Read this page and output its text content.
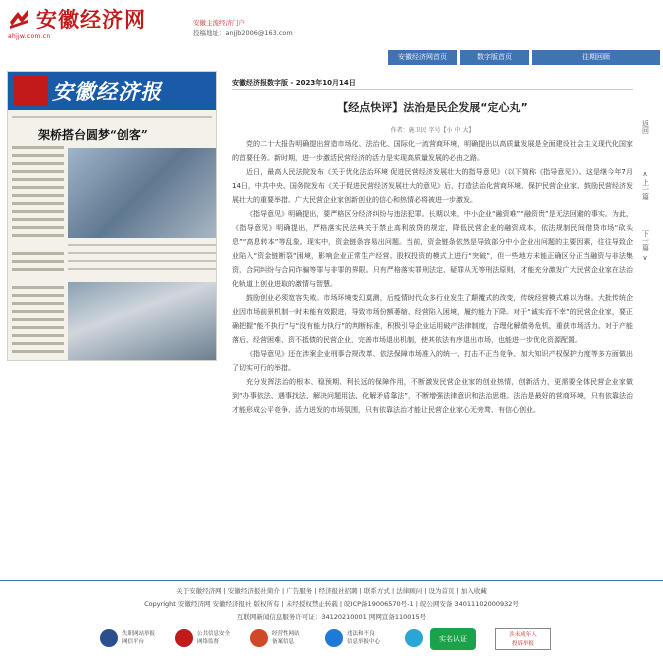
安徽经济网
ahjjw.com.cn
安徽主流经济门户
投稿地址：anjjb2006@163.com
安徽经济网首页	数字版首页	往期回顾
安徽经济报
架桥搭台圆梦“创客”
返回
∧
上一篇
下一篇
∨
安徽经济报数字版 - 2023年10月14日
【经点快评】法治是民企发展“定心丸”
作者：施卫民 字号【小 中 大】

党的二十大报告明确提出营造市场化、法治化、国际化一流营商环境，明确提出以高质量发展是全面建设社会主义现代化国家的首要任务。新时期，进一步激活民营经济的活力是实现高质量发展的必由之路。

近日，最高人民法院发布《关于优化法治环境 促进民营经济发展壮大的指导意见》（以下简称《指导意见》）。这是继今年7月14日，中共中央、国务院发布《关于促进民营经济发展壮大的意见》后，打造法治化营商环境、保护民营企业家、鼓励民营经济发展壮大的重要举措。广大民营企业家创新创业的信心和热情必将被进一步激发。

《指导意见》明确提出，要严格区分经济纠纷与违法犯罪。长期以来，中小企业“融资难”“融资贵”是无法回避的事实。为此，《指导意见》明确提出，严格落实民法典关于禁止高利放贷的规定，降低民营企业的融资成本，依法规制民间借贷市场“砍头息”“高息转本”等乱象。现实中，资金链条容易出问题。当前，资金链条依然是导致部分中小企业出问题的主要因素，往往导致企业陷入“资金链断裂”困境，影响企业正常生产经营。股权投资的模式上进行“突破”，但一些地方未能正确区分正当融资与非法集资，合同纠纷与合同诈骗等罪与非罪的界限。只有严格落实罪刑法定、疑罪从无等刑法原则，才能充分激发广大民营企业家在法治化轨道上创业进取的激情与智慧。

鼓励创业必须宽容失败。市场环境变幻莫测，后疫情时代众多行业发生了颠覆式的改变，传统经营模式难以为继。大批传统企业因市场前景机制一时未能有效跟进，导致市场份额萎缩、经营陷入困境，履约能力下降。对于“诚实而不幸”的民营企业家，要正确把握“能不执行”与“没有能力执行”的判断标准，积极引导企业运用破产法律制度，合理化解债务危机，重获市场活力。对于产能落后、经营困难、资不抵债的民营企业，完善市场退出机制，使其依法有序退出市场，也能进一步优化资源配置。

《指导意见》还在涉案企业刑事合规改革、依法保障市场准入的统一、打击不正当竞争、加大知识产权保护力度等多方面做出了切实可行的举措。

充分发挥法治的根本、稳预期、利长远的保障作用，不断激发民营企业家的创业热情，创新活力，更需要全体民营企业家做到“办事依法、遇事找法、解决问题用法、化解矛盾靠法”，不断增强法律意识和法治思维。法治是最好的营商环境，只有依靠法治才能形成公平竞争、活力迸发的市场氛围，只有依靠法治才能让民营企业家心无旁骛、有信心创业。

关于安徽经济网 | 安徽经济报社简介 | 广告服务 | 经济报社招聘 | 联系方式 | 法律顾问 | 设为首页 | 加入收藏
Copyright 安徽经济网 安徽经济报社 版权所有 | 未经授权禁止转载 | 皖ICP备19006570号-1 | 皖公网安备 34011102000932号
互联网新闻信息服务许可证：34120210001 网网宣备110015号
失职网站举报
网信平台
公共信息安全
网络监督
经营性网站
备案信息
违法和不良
信息举报中心	实名认证	涉未成年人
投诉举报
